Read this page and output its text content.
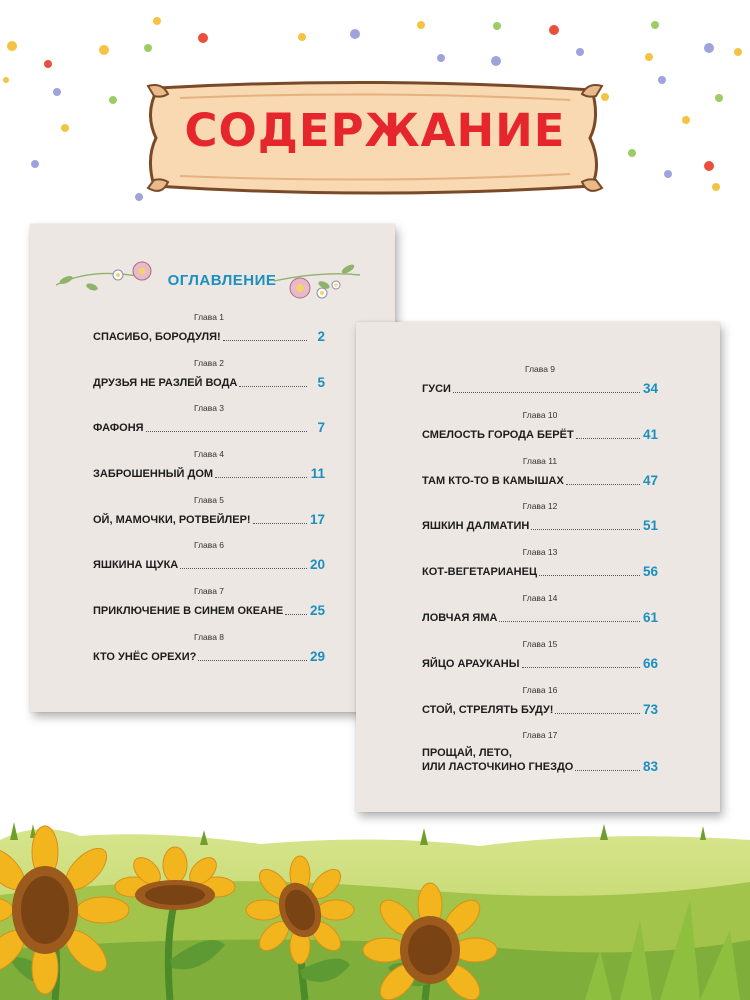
СОДЕРЖАНИЕ
ОГЛАВЛЕНИЕ
Глава 1
СПАСИБО, БОРОДУЛЯ!	2
Глава 2
ДРУЗЬЯ НЕ РАЗЛЕЙ ВОДА	5
Глава 3
ФАФОНЯ	7
Глава 4
ЗАБРОШЕННЫЙ ДОМ	11
Глава 5
ОЙ, МАМОЧКИ, РОТВЕЙЛЕР!	17
Глава 6
ЯШКИНА ЩУКА	20
Глава 7
ПРИКЛЮЧЕНИЕ В СИНЕМ ОКЕАНЕ 25
Глава 8
КТО УНЁС ОРЕХИ?	29
Глава 9
ГУСИ	34
Глава 10
СМЕЛОСТЬ ГОРОДА БЕРЁТ	41
Глава 11
ТАМ КТО-ТО В КАМЫШАХ	47
Глава 12
ЯШКИН ДАЛМАТИН	51
Глава 13
КОТ-ВЕГЕТАРИАНЕЦ	56
Глава 14
ЛОВЧАЯ ЯМА	61
Глава 15
ЯЙЦО АРАУКАНЫ	66
Глава 16
СТОЙ, СТРЕЛЯТЬ БУДУ!	73
Глава 17
ПРОЩАЙ, ЛЕТО,
ИЛИ ЛАСТОЧКИНО ГНЕЗДО	83
